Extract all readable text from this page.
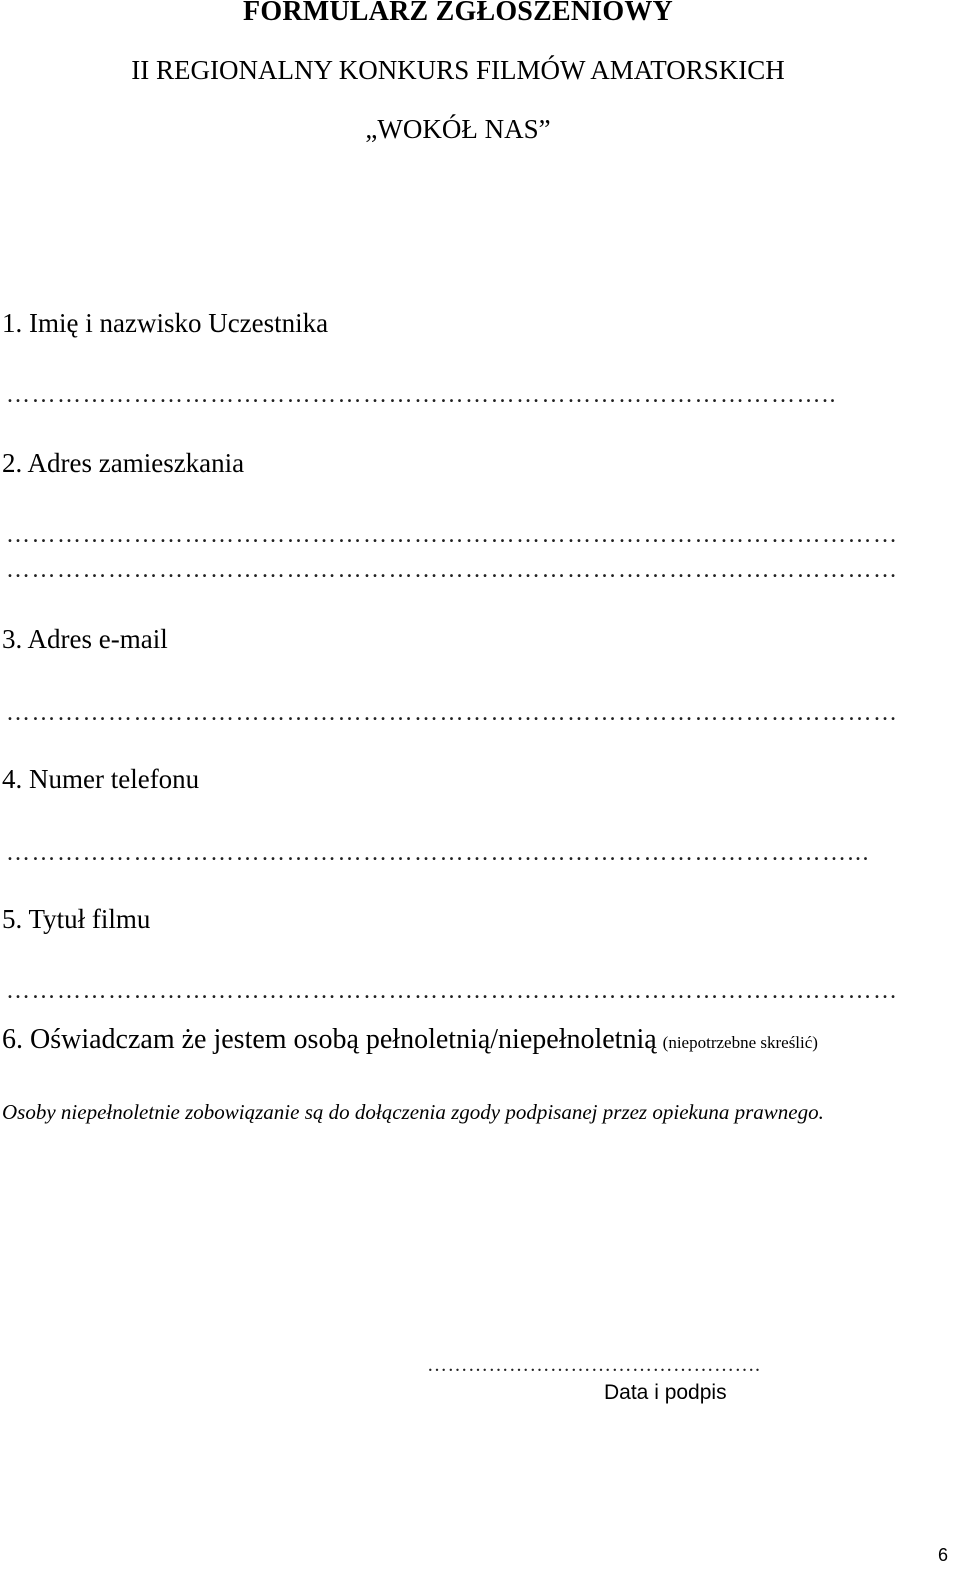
FORMULARZ ZGŁOSZENIOWY
II REGIONALNY KONKURS FILMÓW AMATORSKICH
„WOKÓŁ NAS”
1. Imię i nazwisko Uczestnika
……………………………………………………………………………………..
2. Adres zamieszkania
……………………………………………………………………………………………
……………………………………………………………………………………………
3. Adres e-mail
……………………………………………………………………………………………
4. Numer telefonu
………………………………………………………………………………………...
5. Tytuł filmu
……………………………………………………………………………………………
6. Oświadczam że jestem osobą pełnoletnią/niepełnoletnią (niepotrzebne skreślić)
Osoby niepełnoletnie zobowiązanie są do dołączenia zgody podpisanej przez opiekuna prawnego.
………………………………………….
Data i podpis
6
